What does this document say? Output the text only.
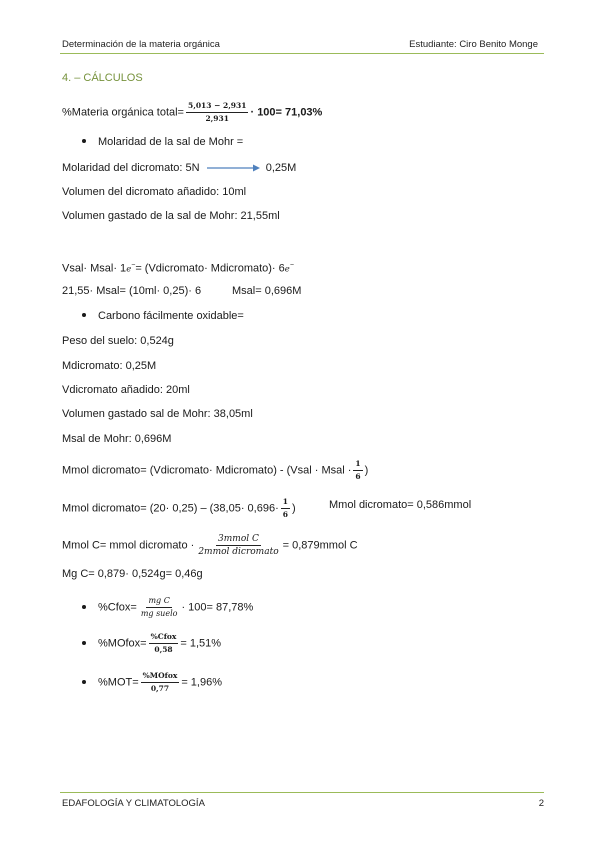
Determinación de la materia orgánica	Estudiante: Ciro Benito Monge
4. – CÁLCULOS
%Materia orgánica total= $\frac{5,013 - 2,931}{2,931} \cdot 100= 71,03\%$
Molaridad de la sal de Mohr =
Molaridad del dicromato: 5N	0,25M
Volumen del dicromato añadido: 10ml
Volumen gastado de la sal de Mohr: 21,55ml
Vsal· Msal· 1e−= (Vdicromato· Mdicromato)· 6e−
21,55· Msal= (10ml· 0,25)· 6	Msal= 0,696M
Carbono fácilmente oxidable=
Peso del suelo: 0,524g
Mdicromato: 0,25M
Vdicromato añadido: 20ml
Volumen gastado sal de Mohr: 38,05ml
Msal de Mohr: 0,696M
Mmol dicromato= (Vdicromato· Mdicromato) - (Vsal · Msal · $\frac{1}{6}$ )
Mmol dicromato= $(20\cdot 0,25) - (38,05\cdot 0,696\cdot \frac{1}{6}$ )	Mmol dicromato= 0,586mmol
Mmol C= mmol dicromato · $\frac{\text{3mmol C}}{\text{2mmol dicromato}}$ = 0,879mmol C
Mg C= 0,879· 0,524g= 0,46g
%Cfox= $\frac{\text{mg C}}{\text{mg suelo}} \cdot 100= 87,78\%$
%MOfox= $\frac{\text{\%Cfox}}{0,58} = 1,51\%$
$\%MOT= \frac{\text{\%MOfox}}{0,77} = 1,96\%$
EDAFOLOGÍA Y CLIMATOLOGÍA	2
